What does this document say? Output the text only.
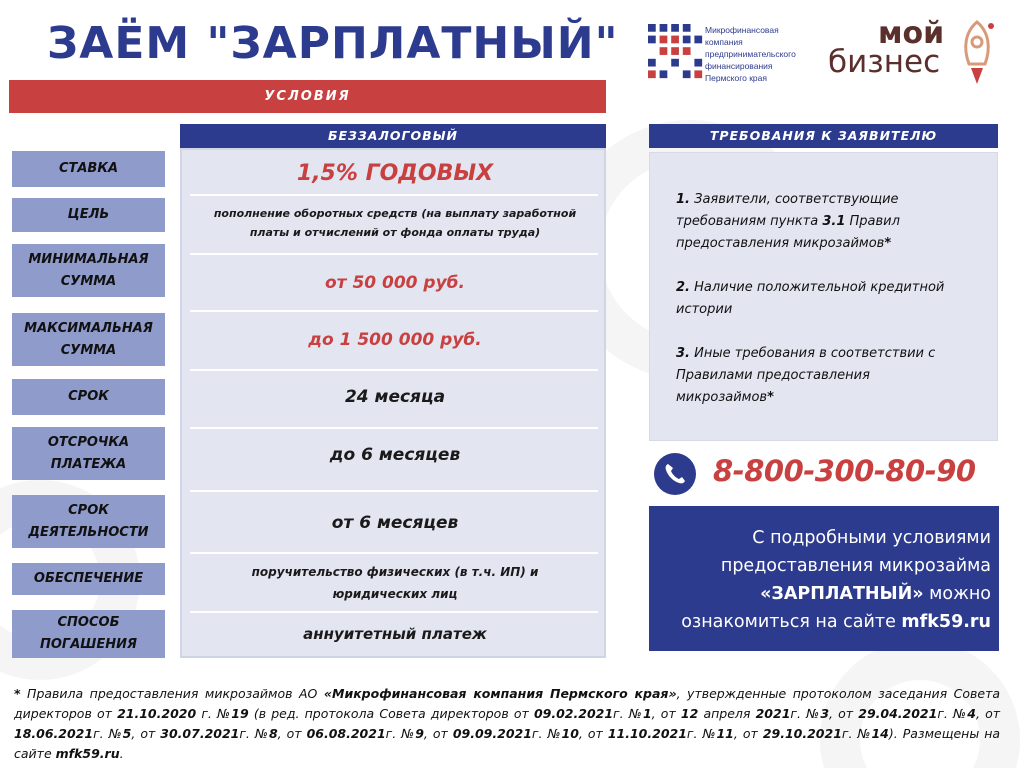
ЗАЁМ "ЗАРПЛАТНЫЙ"	Микрофинансовая
компания
предпринимательского
финансирования
Пермского края
мой
бизнес
УСЛОВИЯ
БЕЗЗАЛОГОВЫЙ	ТРЕБОВАНИЯ К ЗАЯВИТЕЛЮ
СТАВКА
ЦЕЛЬ
МИНИМАЛЬНАЯ СУММА
МАКСИМАЛЬНАЯ СУММА
СРОК
ОТСРОЧКА ПЛАТЕЖА
СРОК ДЕЯТЕЛЬНОСТИ
ОБЕСПЕЧЕНИЕ
СПОСОБ ПОГАШЕНИЯ
1,5% ГОДОВЫХ
пополнение оборотных средств (на выплату заработной платы и отчислений от фонда оплаты труда)
от
50 000
руб.
до
1 500 000
руб.
24
месяца
до
6
месяцев
от
6
месяцев
поручительство физических (в т.ч. ИП) и юридических лиц
аннуитетный платеж

1. Заявители, соответствующие требованиям пункта 3.1 Правил предоставления микрозаймов*

2. Наличие положительной кредитной истории

3. Иные требования в соответствии с Правилами предоставления микрозаймов*

8-800-300-80-90
С подробными условиями
предоставления микрозайма
«ЗАРПЛАТНЫЙ» можно
ознакомиться на сайте mfk59.ru
* Правила предоставления микрозаймов АО «Микрофинансовая компания Пермского края», утвержденные протоколом заседания Совета директоров от 21.10.2020 г. №19 (в ред. протокола Совета директоров от 09.02.2021г. №1, от 12 апреля 2021г. №3, от 29.04.2021г. №4, от 18.06.2021г. №5, от 30.07.2021г. №8, от 06.08.2021г. №9, от 09.09.2021г. №10, от 11.10.2021г. №11, от 29.10.2021г. №14). Размещены на сайте mfk59.ru.
